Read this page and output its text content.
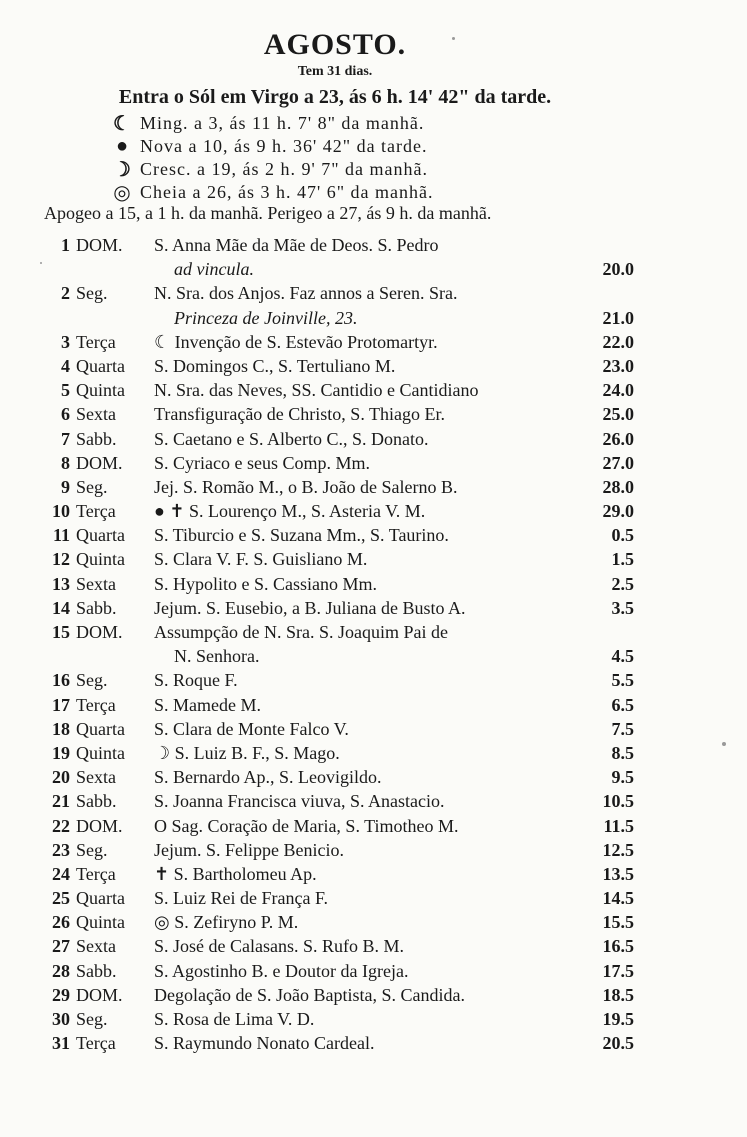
AGOSTO.
Tem 31 dias.
Entra o Sól em Virgo a 23, ás 6 h. 14' 42" da tarde.
☾ Ming. a 3, ás 11 h. 7' 8" da manhã.
● Nova a 10, ás 9 h. 36' 42" da tarde.
☽ Cresc. a 19, ás 2 h. 9' 7" da manhã.
◎ Cheia a 26, ás 3 h. 47' 6" da manhã.
Apogeo a 15, a 1 h. da manhã. Perigeo a 27, ás 9 h. da manhã.
1 DOM.	S. Anna Mãe da Mãe de Deos. S. Pedro
ad vincula.	20.0
2 Seg.	N. Sra. dos Anjos. Faz annos a Seren. Sra.
Princeza de Joinville, 23.	21.0
3 Terça	☾ Invenção de S. Estevão Protomartyr.	22.0
4 Quarta	S. Domingos C., S. Tertuliano M.	23.0
5 Quinta	N. Sra. das Neves, SS. Cantidio e Cantidiano	24.0
6 Sexta	Transfiguração de Christo, S. Thiago Er.	25.0
7 Sabb.	S. Caetano e S. Alberto C., S. Donato.	26.0
8 DOM.	S. Cyriaco e seus Comp. Mm.	27.0
9 Seg.	Jej. S. Romão M., o B. João de Salerno B.	28.0
10 Terça	● ✝ S. Lourenço M., S. Asteria V. M.	29.0
11 Quarta	S. Tiburcio e S. Suzana Mm., S. Taurino.	0.5
12 Quinta	S. Clara V. F. S. Guisliano M.	1.5
13 Sexta	S. Hypolito e S. Cassiano Mm.	2.5
14 Sabb.	Jejum. S. Eusebio, a B. Juliana de Busto A.	3.5
15 DOM.	Assumpção de N. Sra. S. Joaquim Pai de
N. Senhora.	4.5
16 Seg.	S. Roque F.	5.5
17 Terça	S. Mamede M.	6.5
18 Quarta	S. Clara de Monte Falco V.	7.5
19 Quinta	☽ S. Luiz B. F., S. Mago.	8.5
20 Sexta	S. Bernardo Ap., S. Leovigildo.	9.5
21 Sabb.	S. Joanna Francisca viuva, S. Anastacio.	10.5
22 DOM.	O Sag. Coração de Maria, S. Timotheo M.	11.5
23 Seg.	Jejum. S. Felippe Benicio.	12.5
24 Terça	✝ S. Bartholomeu Ap.	13.5
25 Quarta	S. Luiz Rei de França F.	14.5
26 Quinta	◎ S. Zefiryno P. M.	15.5
27 Sexta	S. José de Calasans. S. Rufo B. M.	16.5
28 Sabb.	S. Agostinho B. e Doutor da Igreja.	17.5
29 DOM.	Degolação de S. João Baptista, S. Candida.	18.5
30 Seg.	S. Rosa de Lima V. D.	19.5
31 Terça	S. Raymundo Nonato Cardeal.	20.5
